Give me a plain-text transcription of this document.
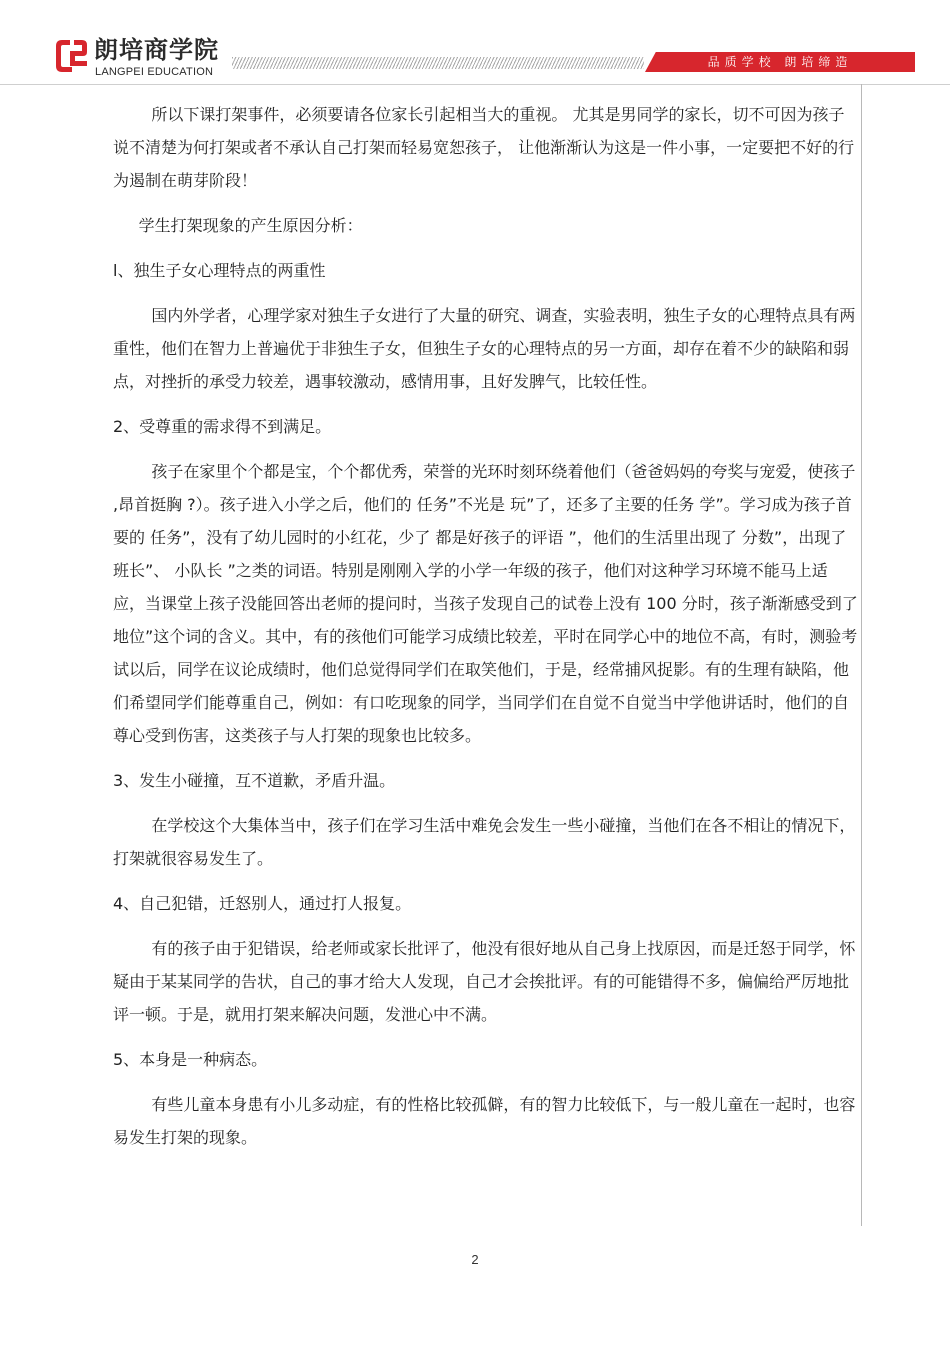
朗培商学院
LANGPEI EDUCATION
品质学校 朗培缔造

所以下课打架事件，必须要请各位家长引起相当大的重视。 尤其是男同学的家长，切不可因为孩子说不清楚为何打架或者不承认自己打架而轻易宽恕孩子， 让他渐渐认为这是一件小事，一定要把不好的行为遏制在萌芽阶段！

学生打架现象的产生原因分析：

l、独生子女心理特点的两重性

国内外学者，心理学家对独生子女进行了大量的研究、调查，实验表明，独生子女的心理特点具有两重性，他们在智力上普遍优于非独生子女，但独生子女的心理特点的另一方面，却存在着不少的缺陷和弱点，对挫折的承受力较差，遇事较激动，感情用事，且好发脾气，比较任性。

2、受尊重的需求得不到满足。

孩子在家里个个都是宝，个个都优秀，荣誉的光环时刻环绕着他们（爸爸妈妈的夸奖与宠爱，使孩子 ,昂首挺胸 ?）。孩子进入小学之后，他们的 任务”不光是 玩”了，还多了主要的任务 学”。学习成为孩子首要的 任务”，没有了幼儿园时的小红花，少了 都是好孩子的评语 ”，他们的生活里出现了 分数”，出现了 班长”、 小队长 ”之类的词语。特别是刚刚入学的小学一年级的孩子，他们对这种学习环境不能马上适应，当课堂上孩子没能回答出老师的提问时，当孩子发现自己的试卷上没有 100 分时，孩子渐渐感受到了 地位”这个词的含义。其中，有的孩他们可能学习成绩比较差，平时在同学心中的地位不高，有时，测验考试以后，同学在议论成绩时，他们总觉得同学们在取笑他们，于是，经常捕风捉影。有的生理有缺陷，他们希望同学们能尊重自己，例如：有口吃现象的同学，当同学们在自觉不自觉当中学他讲话时，他们的自尊心受到伤害，这类孩子与人打架的现象也比较多。

3、发生小碰撞，互不道歉，矛盾升温。

在学校这个大集体当中，孩子们在学习生活中难免会发生一些小碰撞，当他们在各不相让的情况下，打架就很容易发生了。

4、自己犯错，迁怒别人，通过打人报复。

有的孩子由于犯错误，给老师或家长批评了，他没有很好地从自己身上找原因，而是迁怒于同学，怀疑由于某某同学的告状，自己的事才给大人发现，自己才会挨批评。有的可能错得不多，偏偏给严厉地批评一顿。于是，就用打架来解决问题，发泄心中不满。

5、本身是一种病态。

有些儿童本身患有小儿多动症，有的性格比较孤僻，有的智力比较低下，与一般儿童在一起时，也容易发生打架的现象。

2
